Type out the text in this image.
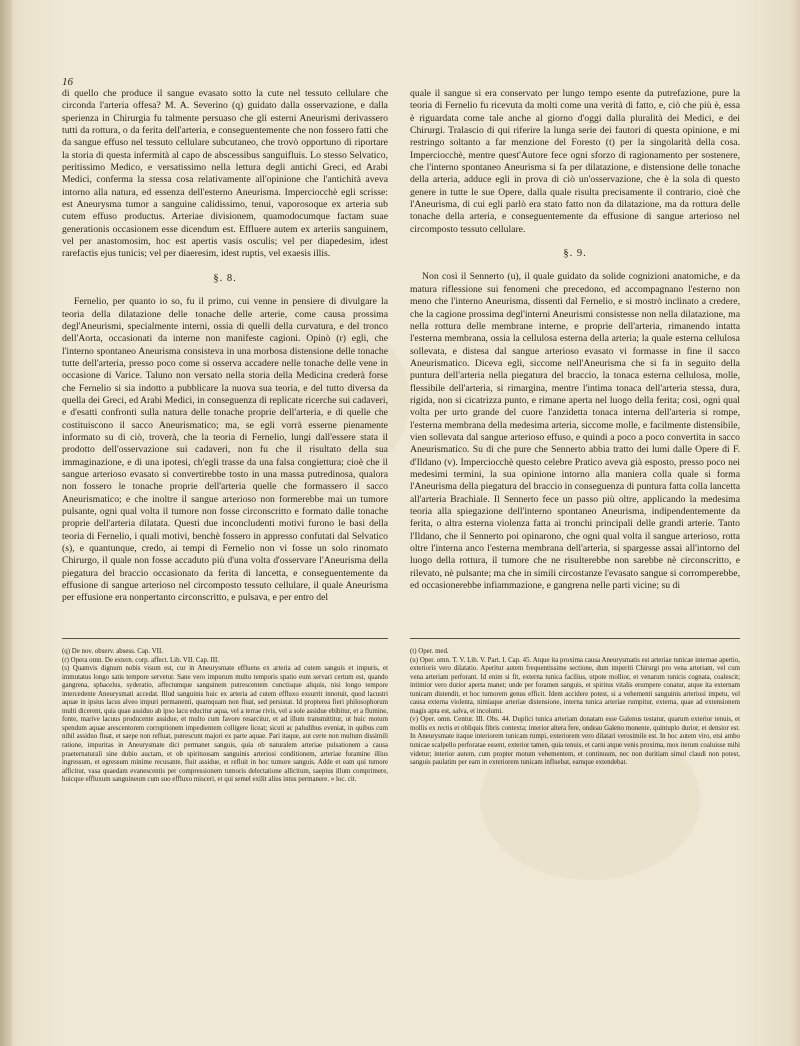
16

di quello che produce il sangue evasato sotto la cute nel tessuto cellulare che circonda l'arteria offesa? M. A. Severino (q) guidato dalla osservazione, e dalla sperienza in Chirurgia fu talmente persuaso che gli esterni Aneurismi derivassero tutti da rottura, o da ferita dell'arteria, e conseguentemente che non fossero fatti che da sangue effuso nel tessuto cellulare subcutaneo, che trovò opportuno di riportare la storia di questa infermità al capo de abscessibus sanguifluis. Lo stesso Selvatico, peritissimo Medico, e versatissimo nella lettura degli antichi Greci, ed Arabi Medici, conferma la stessa cosa relativamente all'opinione che l'antichità aveva intorno alla natura, ed essenza dell'esterno Aneurisma. Imperciocchè egli scrisse: est Aneurysma tumor a sanguine calidissimo, tenui, vaporosoque ex arteria sub cutem effuso productus. Arteriae divisionem, quamodocumque factam suae generationis occasionem esse dicendum est. Effluere autem ex arteriis sanguinem, vel per anastomosim, hoc est apertis vasis osculis; vel per diapedesim, idest rarefactis ejus tunicis; vel per diaeresim, idest ruptis, vel exaesis illis.

§. 8.

Fernelio, per quanto io so, fu il primo, cui venne in pensiere di divulgare la teoria della dilatazione delle tonache delle arterie, come causa prossima degl'Aneurismi, specialmente interni, ossia di quelli della curvatura, e del tronco dell'Aorta, occasionati da interne non manifeste cagioni. Opinò (r) egli, che l'interno spontaneo Aneurisma consisteva in una morbosa distensione delle tonache tutte dell'arteria, presso poco come si osserva accadere nelle tonache delle vene in occasione di Varice. Taluno non versato nella storia della Medicina crederà forse che Fernelio si sia indotto a pubblicare la nuova sua teoria, e del tutto diversa da quella dei Greci, ed Arabi Medici, in conseguenza di replicate ricerche sui cadaveri, e d'esatti confronti sulla natura delle tonache proprie dell'arteria, e di quelle che costituiscono il sacco Aneurismatico; ma, se egli vorrà esserne pienamente informato su di ciò, troverà, che la teoria di Fernelio, lungi dall'essere stata il prodotto dell'osservazione sui cadaveri, non fu che il risultato della sua immaginazione, e di una ipotesi, ch'egli trasse da una falsa congiettura; cioè che il sangue arterioso evasato si convertirebbe tosto in una massa putredinosa, qualora non fossero le tonache proprie dell'arteria quelle che formassero il sacco Aneurismatico; e che inoltre il sangue arterioso non formerebbe mai un tumore pulsante, ogni qual volta il tumore non fosse circonscritto e formato dalle tonache proprie dell'arteria dilatata. Questi due inconcludenti motivi furono le basi della teoria di Fernelio, i quali motivi, benchè fossero in appresso confutati dal Selvatico (s), e quantunque, credo, ai tempi di Fernelio non vi fosse un solo rinomato Chirurgo, il quale non fosse accaduto più d'una volta d'osservare l'Aneurisma della piegatura del braccio occasionato da ferita di lancetta, e conseguentemente da effusione di sangue arterioso nel circomposto tessuto cellulare, il quale Aneurisma per effusione era nonpertanto circonscritto, e pulsava, e per entro del

quale il sangue si era conservato per lungo tempo esente da putrefazione, pure la teoria di Fernelio fu ricevuta da molti come una verità di fatto, e, ciò che più è, essa è riguardata come tale anche al giorno d'oggi dalla pluralità dei Medici, e dei Chirurgi. Tralascio di qui riferire la lunga serie dei fautori di questa opinione, e mi restringo soltanto a far menzione del Foresto (t) per la singolarità della cosa. Imperciocchè, mentre quest'Autore fece ogni sforzo di ragionamento per sostenere, che l'interno spontaneo Aneurisma si fa per dilatazione, e distensione delle tonache della arteria, adduce egli in prova di ciò un'osservazione, che è la sola di questo genere in tutte le sue Opere, dalla quale risulta precisamente il contrario, cioè che l'Aneurisma, di cui egli parlò era stato fatto non da dilatazione, ma da rottura delle tonache della arteria, e conseguentemente da effusione di sangue arterioso nel circomposto tessuto cellulare.

§. 9.

Non così il Sennerto (u), il quale guidato da solide cognizioni anatomiche, e da matura riflessione sui fenomeni che precedono, ed accompagnano l'esterno non meno che l'interno Aneurisma, dissentì dal Fernelio, e si mostrò inclinato a credere, che la cagione prossima degl'interni Aneurismi consistesse non nella dilatazione, ma nella rottura delle membrane interne, e proprie dell'arteria, rimanendo intatta l'esterna membrana, ossia la cellulosa esterna della arteria; la quale esterna cellulosa sollevata, e distesa dal sangue arterioso evasato vi formasse in fine il sacco Aneurismatico. Diceva egli, siccome nell'Aneurisma che si fa in seguito della puntura dell'arteria nella piegatura del braccio, la tonaca esterna cellulosa, molle, flessibile dell'arteria, si rimargina, mentre l'intima tonaca dell'arteria stessa, dura, rigida, non si cicatrizza punto, e rimane aperta nel luogo della ferita; così, ogni qual volta per urto grande del cuore l'anzidetta tonaca interna dell'arteria si rompe, l'esterna membrana della medesima arteria, siccome molle, e facilmente distensibile, vien sollevata dal sangue arterioso effuso, e quindi a poco a poco convertita in sacco Aneurismatico. Su di che pure che Sennerto abbia tratto dei lumi dalle Opere di F. d'Ildano (v). Imperciocchè questo celebre Pratico aveva già esposto, presso poco nei medesimi termini, la sua opinione intorno alla maniera colla quale si forma l'Aneurisma della piegatura del braccio in conseguenza di puntura fatta colla lancetta all'arteria Brachiale. Il Sennerto fece un passo più oltre, applicando la medesima teoria alla spiegazione dell'interno spontaneo Aneurisma, indipendentemente da ferita, o altra esterna violenza fatta ai tronchi principali delle grandi arterie. Tanto l'Ildano, che il Sennerto poi opinarono, che ogni qual volta il sangue arterioso, rotta oltre l'interna anco l'esterna membrana dell'arteria, si spargesse assai all'intorno del luogo della rottura, il tumore che ne risulterebbe non sarebbe nè circonscritto, e rilevato, nè pulsante; ma che in simili circostanze l'evasato sangue si corromperebbe, ed occasionerebbe infiammazione, e gangrena nelle parti vicine; su di

(q) De nov. observ. absess. Cap. VII.

(r) Opera omn. De extern. corp. affect. Lib. VII. Cap. III.

(s) Quamvis dignum nobis visum est, cur in Aneurysmate effluens ex arteria ad cutem sanguis et impuris, et immutatus longo satis tempore servetur. Sane vero impurum multo temporis spatio eum servari certum est, quando gangrena, sphacelus, syderatio, affectumque sanguinem putrescentem cunctisque aliquis, nisi longo tempore intercedente Aneurysmati accedat. Illud sanguinis huic ex arteria ad cutem effluxo exsurrit innotuit, quod lacustri aquae in ipsius lacus alveo impuri permanenti, quamquam non fluat, sed persistat. Id propterea fieri philosophorum multi dicerent, quia quae assiduo ab ipso lacu educitur aqua, vel a terrae rivis, vel a sole assidue ebibitur, et a flumine, fonte, marive lacuus producente assidue, et multo cum favore resarcitur, et ad illum transmittitur, ut huic motum spendum aquae arescentorem corruptionem impedientem colligere liceat; sicuti ac paludibus eveniat, in quibus cum nihil assiduo fluat, et saepe non refluat, putrescunt majori ex parte aquae. Pari itaque, aut certe non multum dissimili ratione, impuritas in Aneurysmate dici permanet sanguis, quia ob naturalem arteriae pulsationem a causa praeternaturali sine dubio auctam, et ob spirituosam sanguinis arteriosi conditionem, arteriae foramine illius ingressum, et egressum minime recusante, fluit assidue, et refluit in hoc tumore sanguis. Adde et eam qui tumore afficitur, vasa quaedam evanescentis per compressionem tumoris delectatione allicitum, saepius illum comprimere, huicque effluxum sanguineum cum suo effluxo misceri, et qui semel exilit alius intus permanere. » loc. cit.

(t) Oper. med.

(u) Oper. omn. T. V. Lib. V. Part. I. Cap. 45. Atque ita proxima causa Aneurysmatis est arteriae tunicae internae apertio, exterioris vero dilatatio. Aperitur autem frequentissime sectione, dum imperiti Chirurgi pro vena arteriam, vel cum vena arteriam perforant. Id enim si fit, externa tunica facilius, utpote mollior, et venarum tunicis cognata, coalescit; intimior vero durior aperta manet; unde per foramen sanguis, et spiritus vitalis erumpere conatur, atque ita externam tunicam distendit, et hoc tumorem genus efficit. Idem accidere potest, si a vehementi sanguinis arteriosi impetu, vel causa externa violenta, nimiaque arteriae distensione, interna tunica arteriae rumpitur, externa, quae ad extensionem magis apta est, salva, et incolumi.

(v) Oper. omn. Centur. III. Obs. 44. Duplici tunica arteriam donatam esse Galenus testatur, quarum exterior tenuis, et mollis ex rectis et obliquis fibris contexta; interior altera fere, ondeau Galeno monente, quintuplo durior, et densior est. In Aneurysmate itaque interiorem tunicam rumpi, exteriorem vero dilatari verosimile est. In hoc autem viro, etsi ambo tunicae scalpello perforatae essent, exterior tamen, quia tenuis, et carni atque venis proxima, mox iterum coaluisse mihi videtur; interior autem, cum propter motum vehementem, et continuum, nec non duritiam simul claudi non potest, sanguis paulatim per eam in exteriorem tunicam influebat, eamque extendebat.
